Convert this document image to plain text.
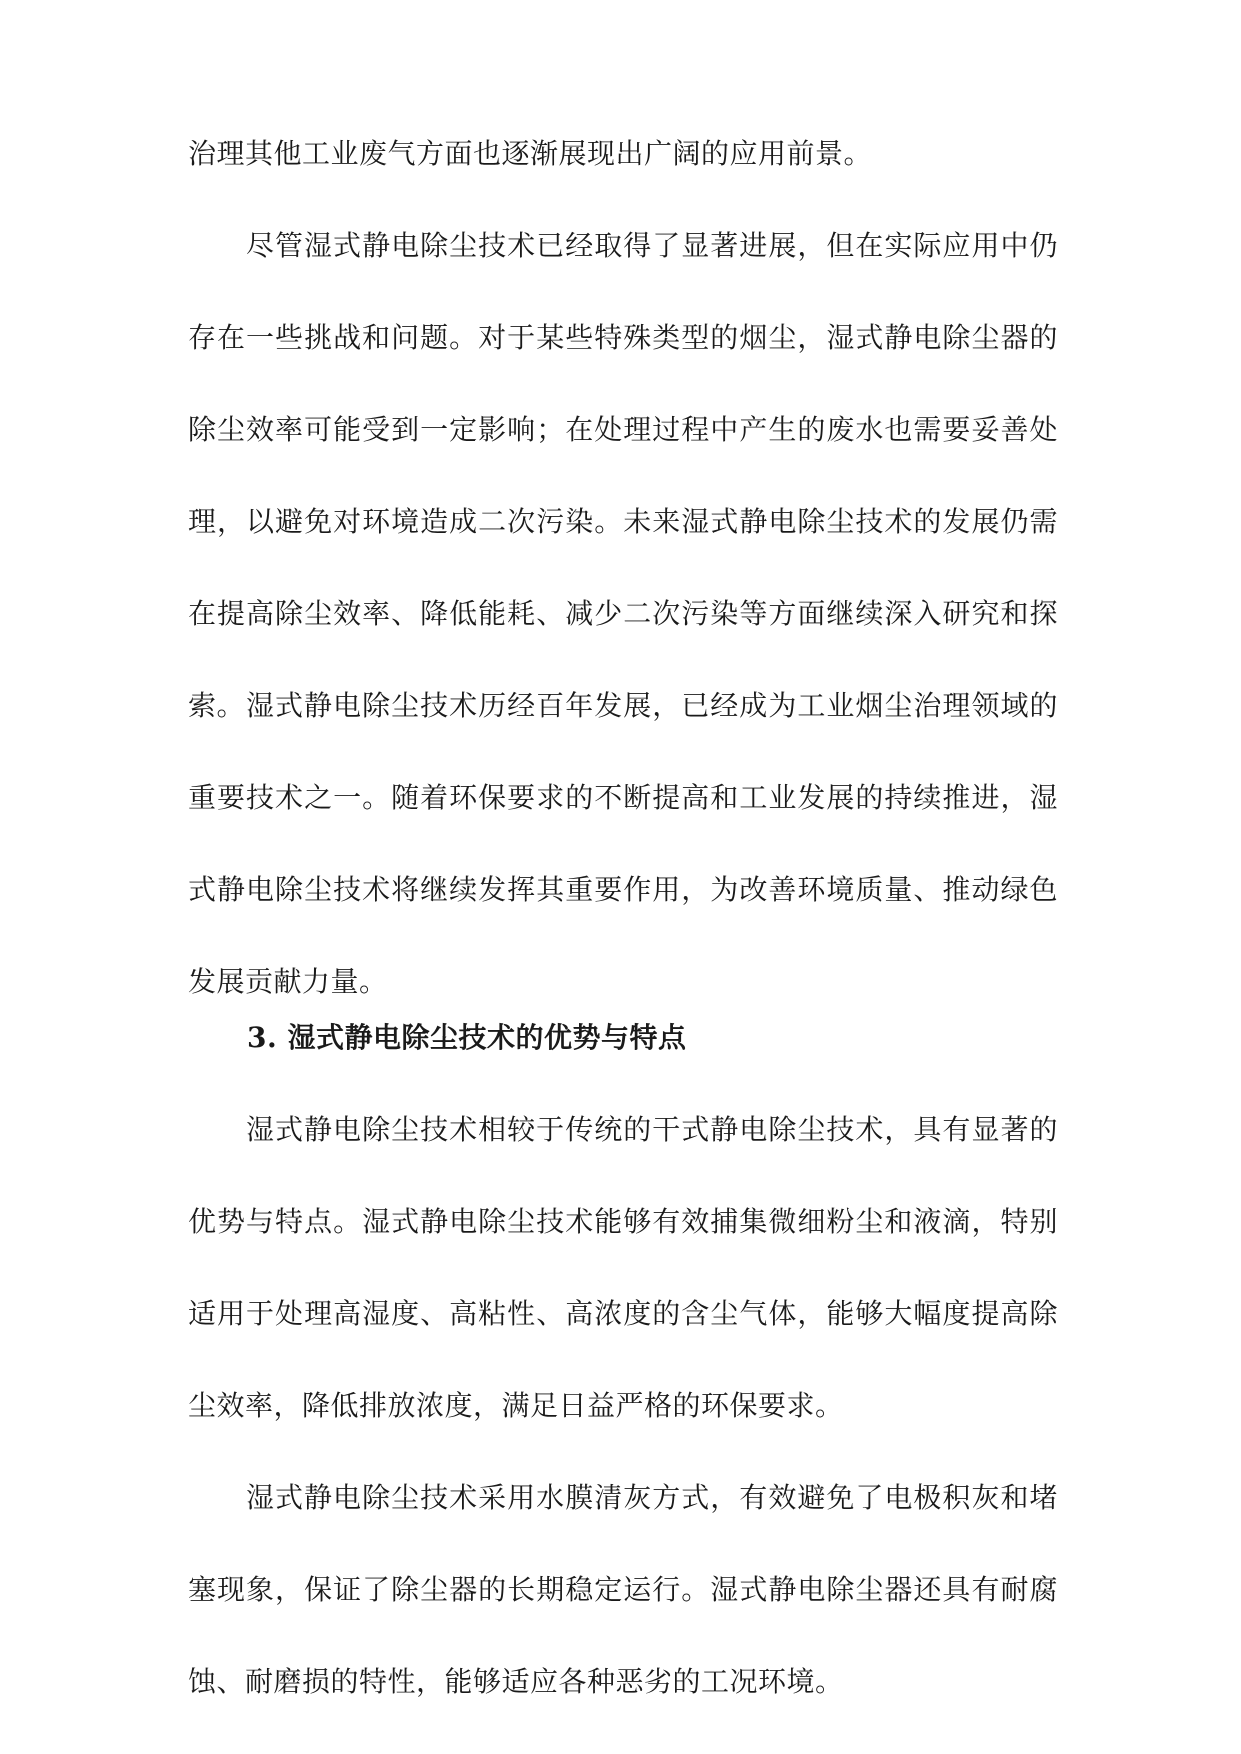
治理其他工业废气方面也逐渐展现出广阔的应用前景。

尽管湿式静电除尘技术已经取得了显著进展，但在实际应用中仍存在一些挑战和问题。对于某些特殊类型的烟尘，湿式静电除尘器的除尘效率可能受到一定影响；在处理过程中产生的废水也需要妥善处理，以避免对环境造成二次污染。未来湿式静电除尘技术的发展仍需在提高除尘效率、降低能耗、减少二次污染等方面继续深入研究和探索。 湿式静电除尘技术历经百年发展，已经成为工业烟尘治理领域的重要技术之一。随着环保要求的不断提高和工业发展的持续推进，湿式静电除尘技术将继续发挥其重要作用，为改善环境质量、推动绿色发展贡献力量。

3. 湿式静电除尘技术的优势与特点

湿式静电除尘技术相较于传统的干式静电除尘技术，具有显著的优势与特点。湿式静电除尘技术能够有效捕集微细粉尘和液滴，特别适用于处理高湿度、高粘性、高浓度的含尘气体，能够大幅度提高除尘效率，降低排放浓度，满足日益严格的环保要求。

湿式静电除尘技术采用水膜清灰方式，有效避免了电极积灰和堵塞现象，保证了除尘器的长期稳定运行。湿式静电除尘器还具有耐腐蚀、耐磨损的特性，能够适应各种恶劣的工况环境。
